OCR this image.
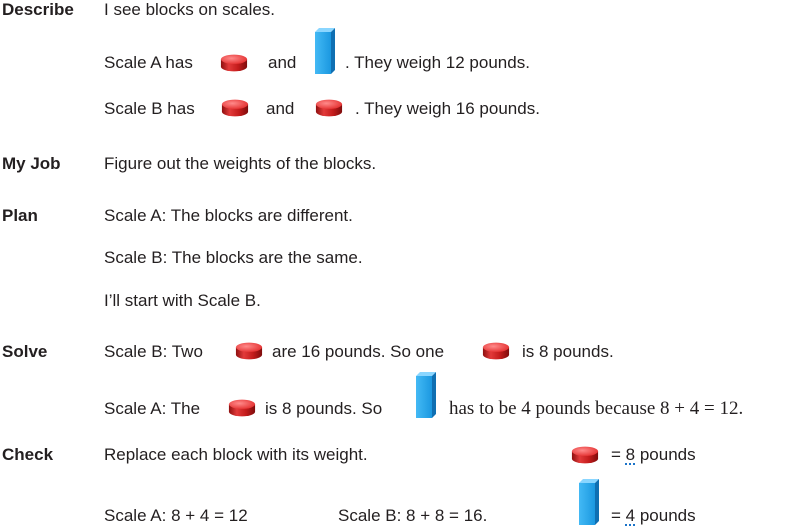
Describe I see blocks on scales.
Scale A has	and	. They weigh 12 pounds.
Scale B has	and	. They weigh 16 pounds.
My Job	Figure out the weights of the blocks.
Plan	Scale A: The blocks are different.
Scale B: The blocks are the same.
I’ll start with Scale B.
Solve	Scale B: Two	are 16 pounds. So one	is 8 pounds.
Scale A: The	is 8 pounds. So	has to be 4 pounds because 8 + 4 = 12.
Check	Replace each block with its weight.	= 8 pounds
Scale A: 8 + 4 = 12	Scale B: 8 + 8 = 16.	= 4 pounds
